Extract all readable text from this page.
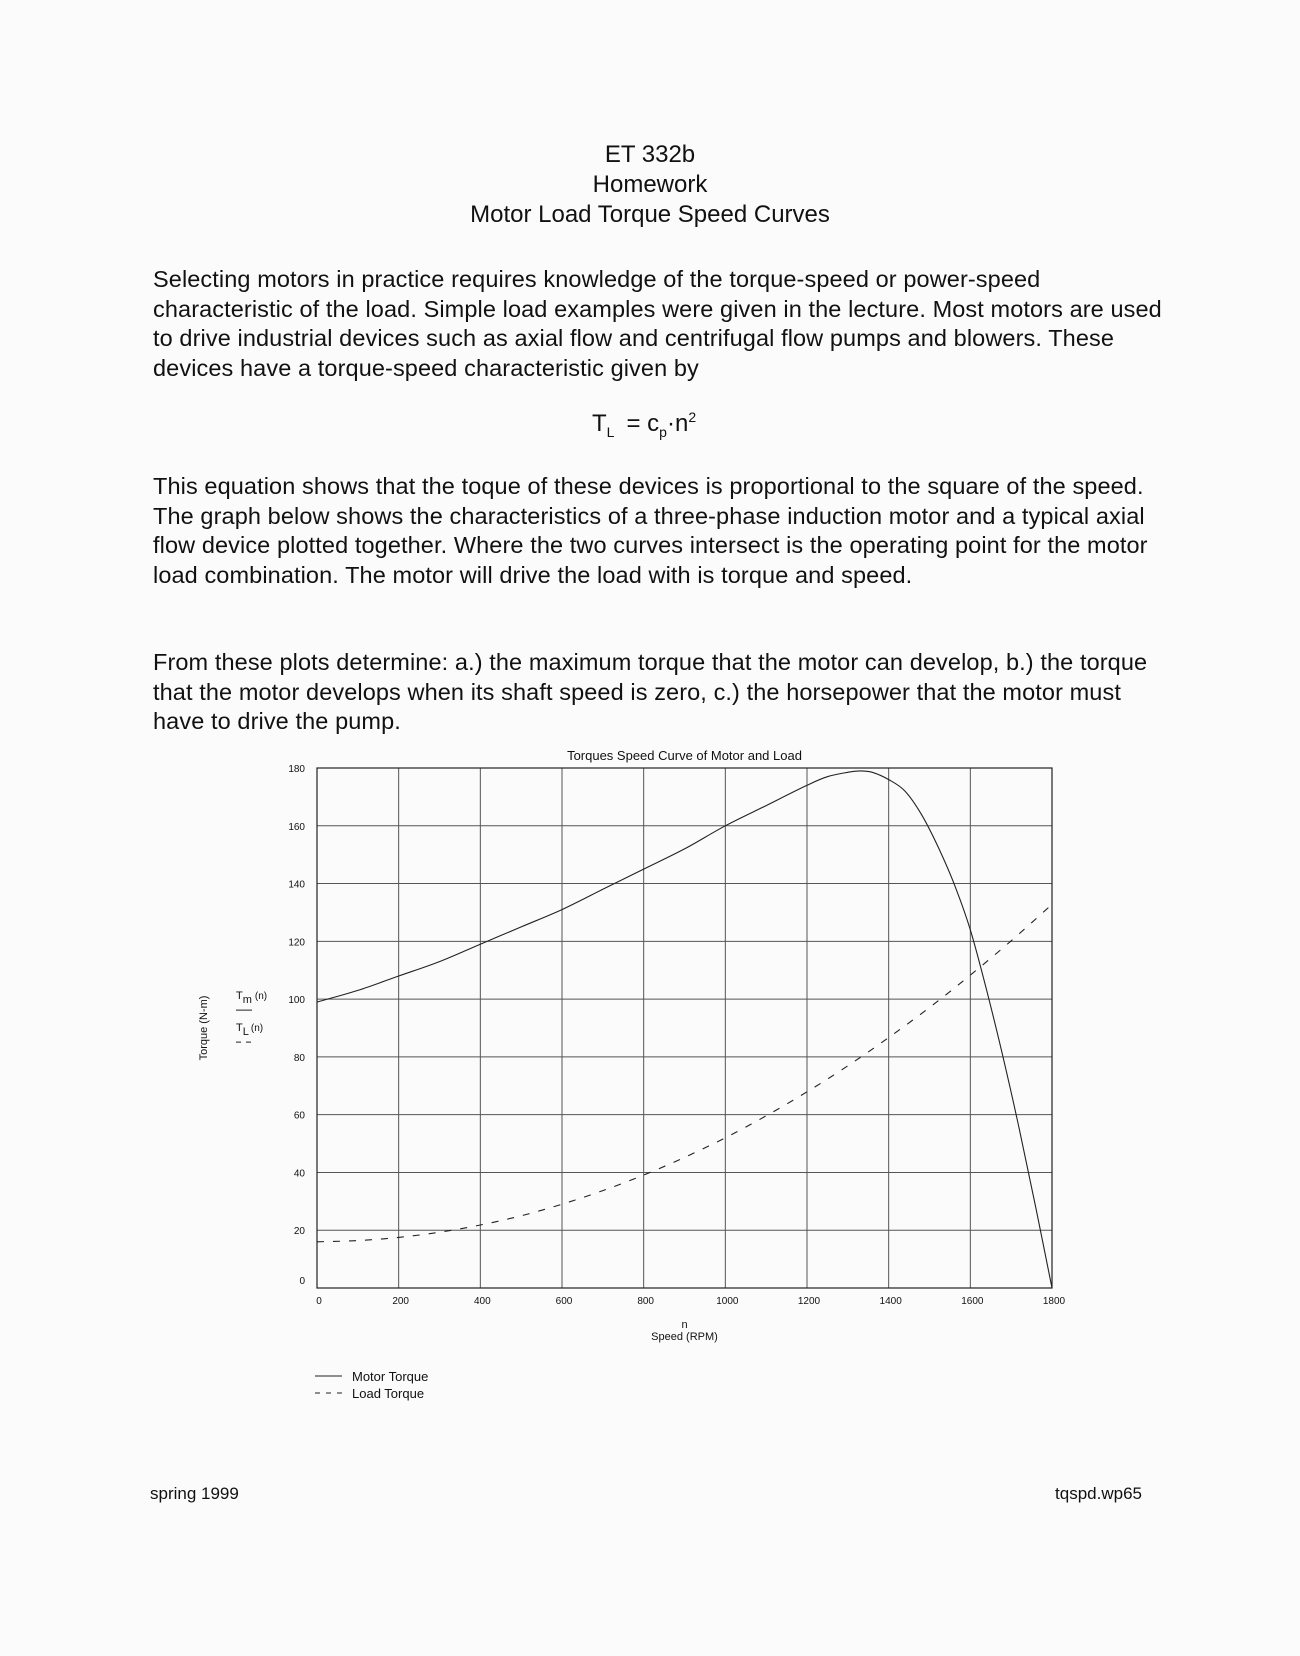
ET 332b
Homework
Motor Load Torque Speed Curves

Selecting motors in practice requires knowledge of the torque-speed or power-speed characteristic of the load. Simple load examples were given in the lecture. Most motors are used to drive industrial devices such as axial flow and centrifugal flow pumps and blowers. These devices have a torque-speed characteristic given by

$T_L = c_p\cdot n^2$

This equation shows that the toque of these devices is proportional to the square of the speed. The graph below shows the characteristics of a three-phase induction motor and a typical axial flow device plotted together. Where the two curves intersect is the operating point for the motor load combination. The motor will drive the load with is torque and speed.

From these plots determine: a.) the maximum torque that the motor can develop, b.) the torque that the motor develops when its shaft speed is zero, c.) the horsepower that the motor must have to drive the pump.

Torques Speed Curve of Motor and Load
0	200	400	600	800	1000	1200	1400	1600	1800
0
20
40
60
80
100
120
140
160
180
n
Speed (RPM)
Torque (N-m) Tm (n)
TL (n)
Motor Torque
Load Torque
spring 1999	tqspd.wp65
